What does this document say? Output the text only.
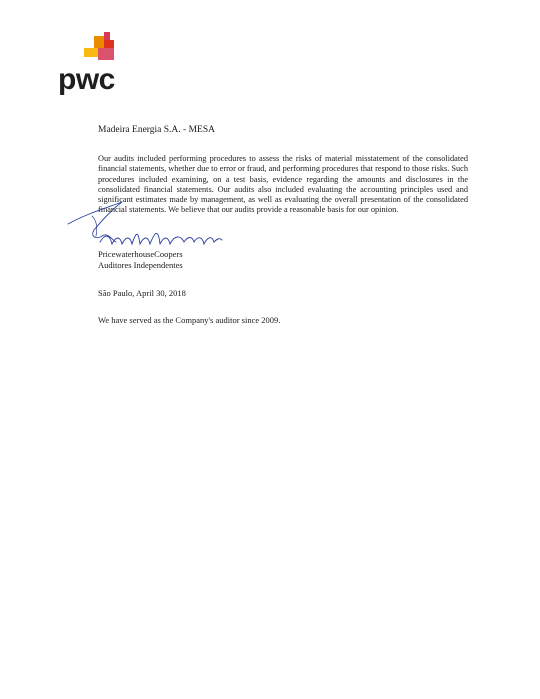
pwc
Madeira Energia S.A. - MESA
Our audits included performing procedures to assess the risks of material misstatement of the consolidated financial statements, whether due to error or fraud, and performing procedures that respond to those risks. Such procedures included examining, on a test basis, evidence regarding the amounts and disclosures in the consolidated financial statements. Our audits also included evaluating the accounting principles used and significant estimates made by management, as well as evaluating the overall presentation of the consolidated financial statements. We believe that our audits provide a reasonable basis for our opinion.
PricewaterhouseCoopers
Auditores Independentes
São Paulo, April 30, 2018
We have served as the Company's auditor since 2009.
